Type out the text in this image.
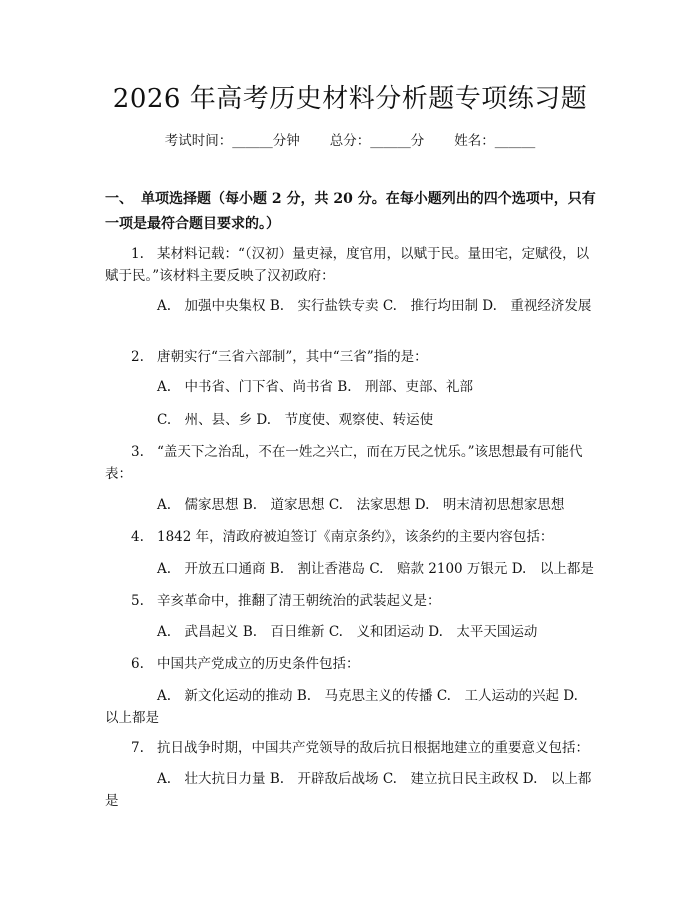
2026 年高考历史材料分析题专项练习题
考试时间：______分钟 总分：______分 姓名：______
一、 单项选择题（每小题 2 分，共 20 分。在每小题列出的四个选项中，只有一项是最符合题目要求的。）
1. 某材料记载：“（汉初）量吏禄，度官用，以赋于民。量田宅，定赋役，以赋于民。”该材料主要反映了汉初政府：
A.　加强中央集权 B.　实行盐铁专卖 C.　推行均田制 D.　重视经济发展
2. 唐朝实行“三省六部制”，其中“三省”指的是：
A.　中书省、门下省、尚书省 B.　刑部、吏部、礼部
C.　州、县、乡 D.　节度使、观察使、转运使
3. “盖天下之治乱，不在一姓之兴亡，而在万民之忧乐。”该思想最有可能代表：
A.　儒家思想 B.　道家思想 C.　法家思想 D.　明末清初思想家思想
4. 1842 年，清政府被迫签订《南京条约》，该条约的主要内容包括：
A.　开放五口通商 B.　割让香港岛 C.　赔款 2100 万银元 D.　以上都是
5. 辛亥革命中，推翻了清王朝统治的武装起义是：
A.　武昌起义 B.　百日维新 C.　义和团运动 D.　太平天国运动
6. 中国共产党成立的历史条件包括：
A.　新文化运动的推动 B.　马克思主义的传播 C.　工人运动的兴起 D.　以上都是
7. 抗日战争时期，中国共产党领导的敌后抗日根据地建立的重要意义包括：
A.　壮大抗日力量 B.　开辟敌后战场 C.　建立抗日民主政权 D.　以上都是
